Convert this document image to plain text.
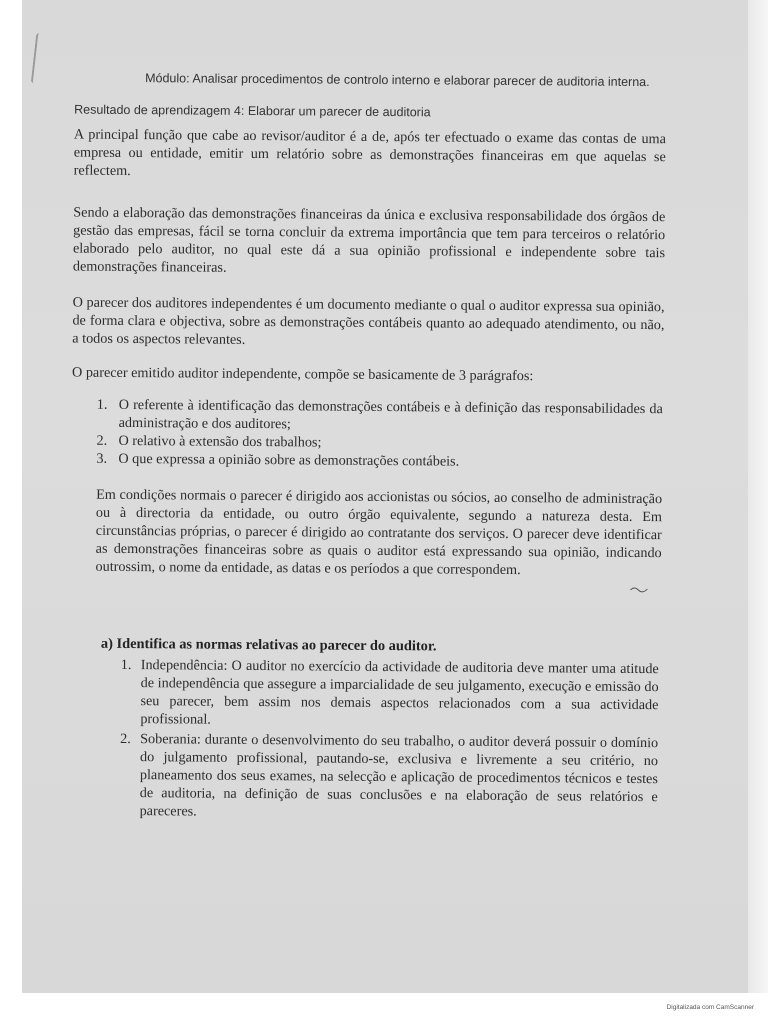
Módulo: Analisar procedimentos de controlo interno e elaborar parecer de auditoria interna.
Resultado de aprendizagem 4: Elaborar um parecer de auditoria

A principal função que cabe ao revisor/auditor é a de, após ter efectuado o exame das contas de uma empresa ou entidade, emitir um relatório sobre as demonstrações financeiras em que aquelas se reflectem.

Sendo a elaboração das demonstrações financeiras da única e exclusiva responsabilidade dos órgãos de gestão das empresas, fácil se torna concluir da extrema importância que tem para terceiros o relatório elaborado pelo auditor, no qual este dá a sua opinião profissional e independente sobre tais demonstrações financeiras.

O parecer dos auditores independentes é um documento mediante o qual o auditor expressa sua opinião, de forma clara e objectiva, sobre as demonstrações contábeis quanto ao adequado atendimento, ou não, a todos os aspectos relevantes.

O parecer emitido auditor independente, compõe se basicamente de 3 parágrafos:

1. O referente à identificação das demonstrações contábeis e à definição das responsabilidades da administração e dos auditores;
2. O relativo à extensão dos trabalhos;
3. O que expressa a opinião sobre as demonstrações contábeis.

Em condições normais o parecer é dirigido aos accionistas ou sócios, ao conselho de administração ou à directoria da entidade, ou outro órgão equivalente, segundo a natureza desta. Em circunstâncias próprias, o parecer é dirigido ao contratante dos serviços. O parecer deve identificar as demonstrações financeiras sobre as quais o auditor está expressando sua opinião, indicando outrossim, o nome da entidade, as datas e os períodos a que correspondem.

a) Identifica as normas relativas ao parecer do auditor.
1. Independência: O auditor no exercício da actividade de auditoria deve manter uma atitude de independência que assegure a imparcialidade de seu julgamento, execução e emissão do seu parecer, bem assim nos demais aspectos relacionados com a sua actividade profissional.
2. Soberania: durante o desenvolvimento do seu trabalho, o auditor deverá possuir o domínio do julgamento profissional, pautando-se, exclusiva e livremente a seu critério, no planeamento dos seus exames, na selecção e aplicação de procedimentos técnicos e testes de auditoria, na definição de suas conclusões e na elaboração de seus relatórios e pareceres.
Digitalizada com CamScanner
